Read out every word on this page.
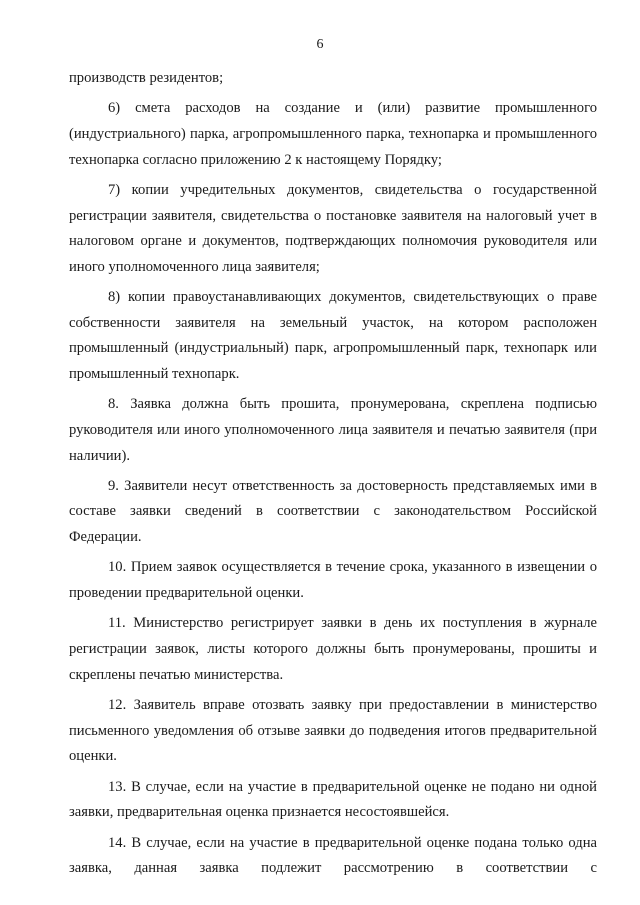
6

производств резидентов;

6) смета расходов на создание и (или) развитие промышленного (индустриального) парка, агропромышленного парка, технопарка и промышленного технопарка согласно приложению 2 к настоящему Порядку;

7) копии учредительных документов, свидетельства о государственной регистрации заявителя, свидетельства о постановке заявителя на налоговый учет в налоговом органе и документов, подтверждающих полномочия руководителя или иного уполномоченного лица заявителя;

8) копии правоустанавливающих документов, свидетельствующих о праве собственности заявителя на земельный участок, на котором расположен промышленный (индустриальный) парк, агропромышленный парк, технопарк или промышленный технопарк.

8. Заявка должна быть прошита, пронумерована, скреплена подписью руководителя или иного уполномоченного лица заявителя и печатью заявителя (при наличии).

9. Заявители несут ответственность за достоверность представляемых ими в составе заявки сведений в соответствии с законодательством Российской Федерации.

10. Прием заявок осуществляется в течение срока, указанного в извещении о проведении предварительной оценки.

11. Министерство регистрирует заявки в день их поступления в журнале регистрации заявок, листы которого должны быть пронумерованы, прошиты и скреплены печатью министерства.

12. Заявитель вправе отозвать заявку при предоставлении в министерство письменного уведомления об отзыве заявки до подведения итогов предварительной оценки.

13. В случае, если на участие в предварительной оценке не подано ни одной заявки, предварительная оценка признается несостоявшейся.

14. В случае, если на участие в предварительной оценке подана только одна заявка, данная заявка подлежит рассмотрению в соответствии с
